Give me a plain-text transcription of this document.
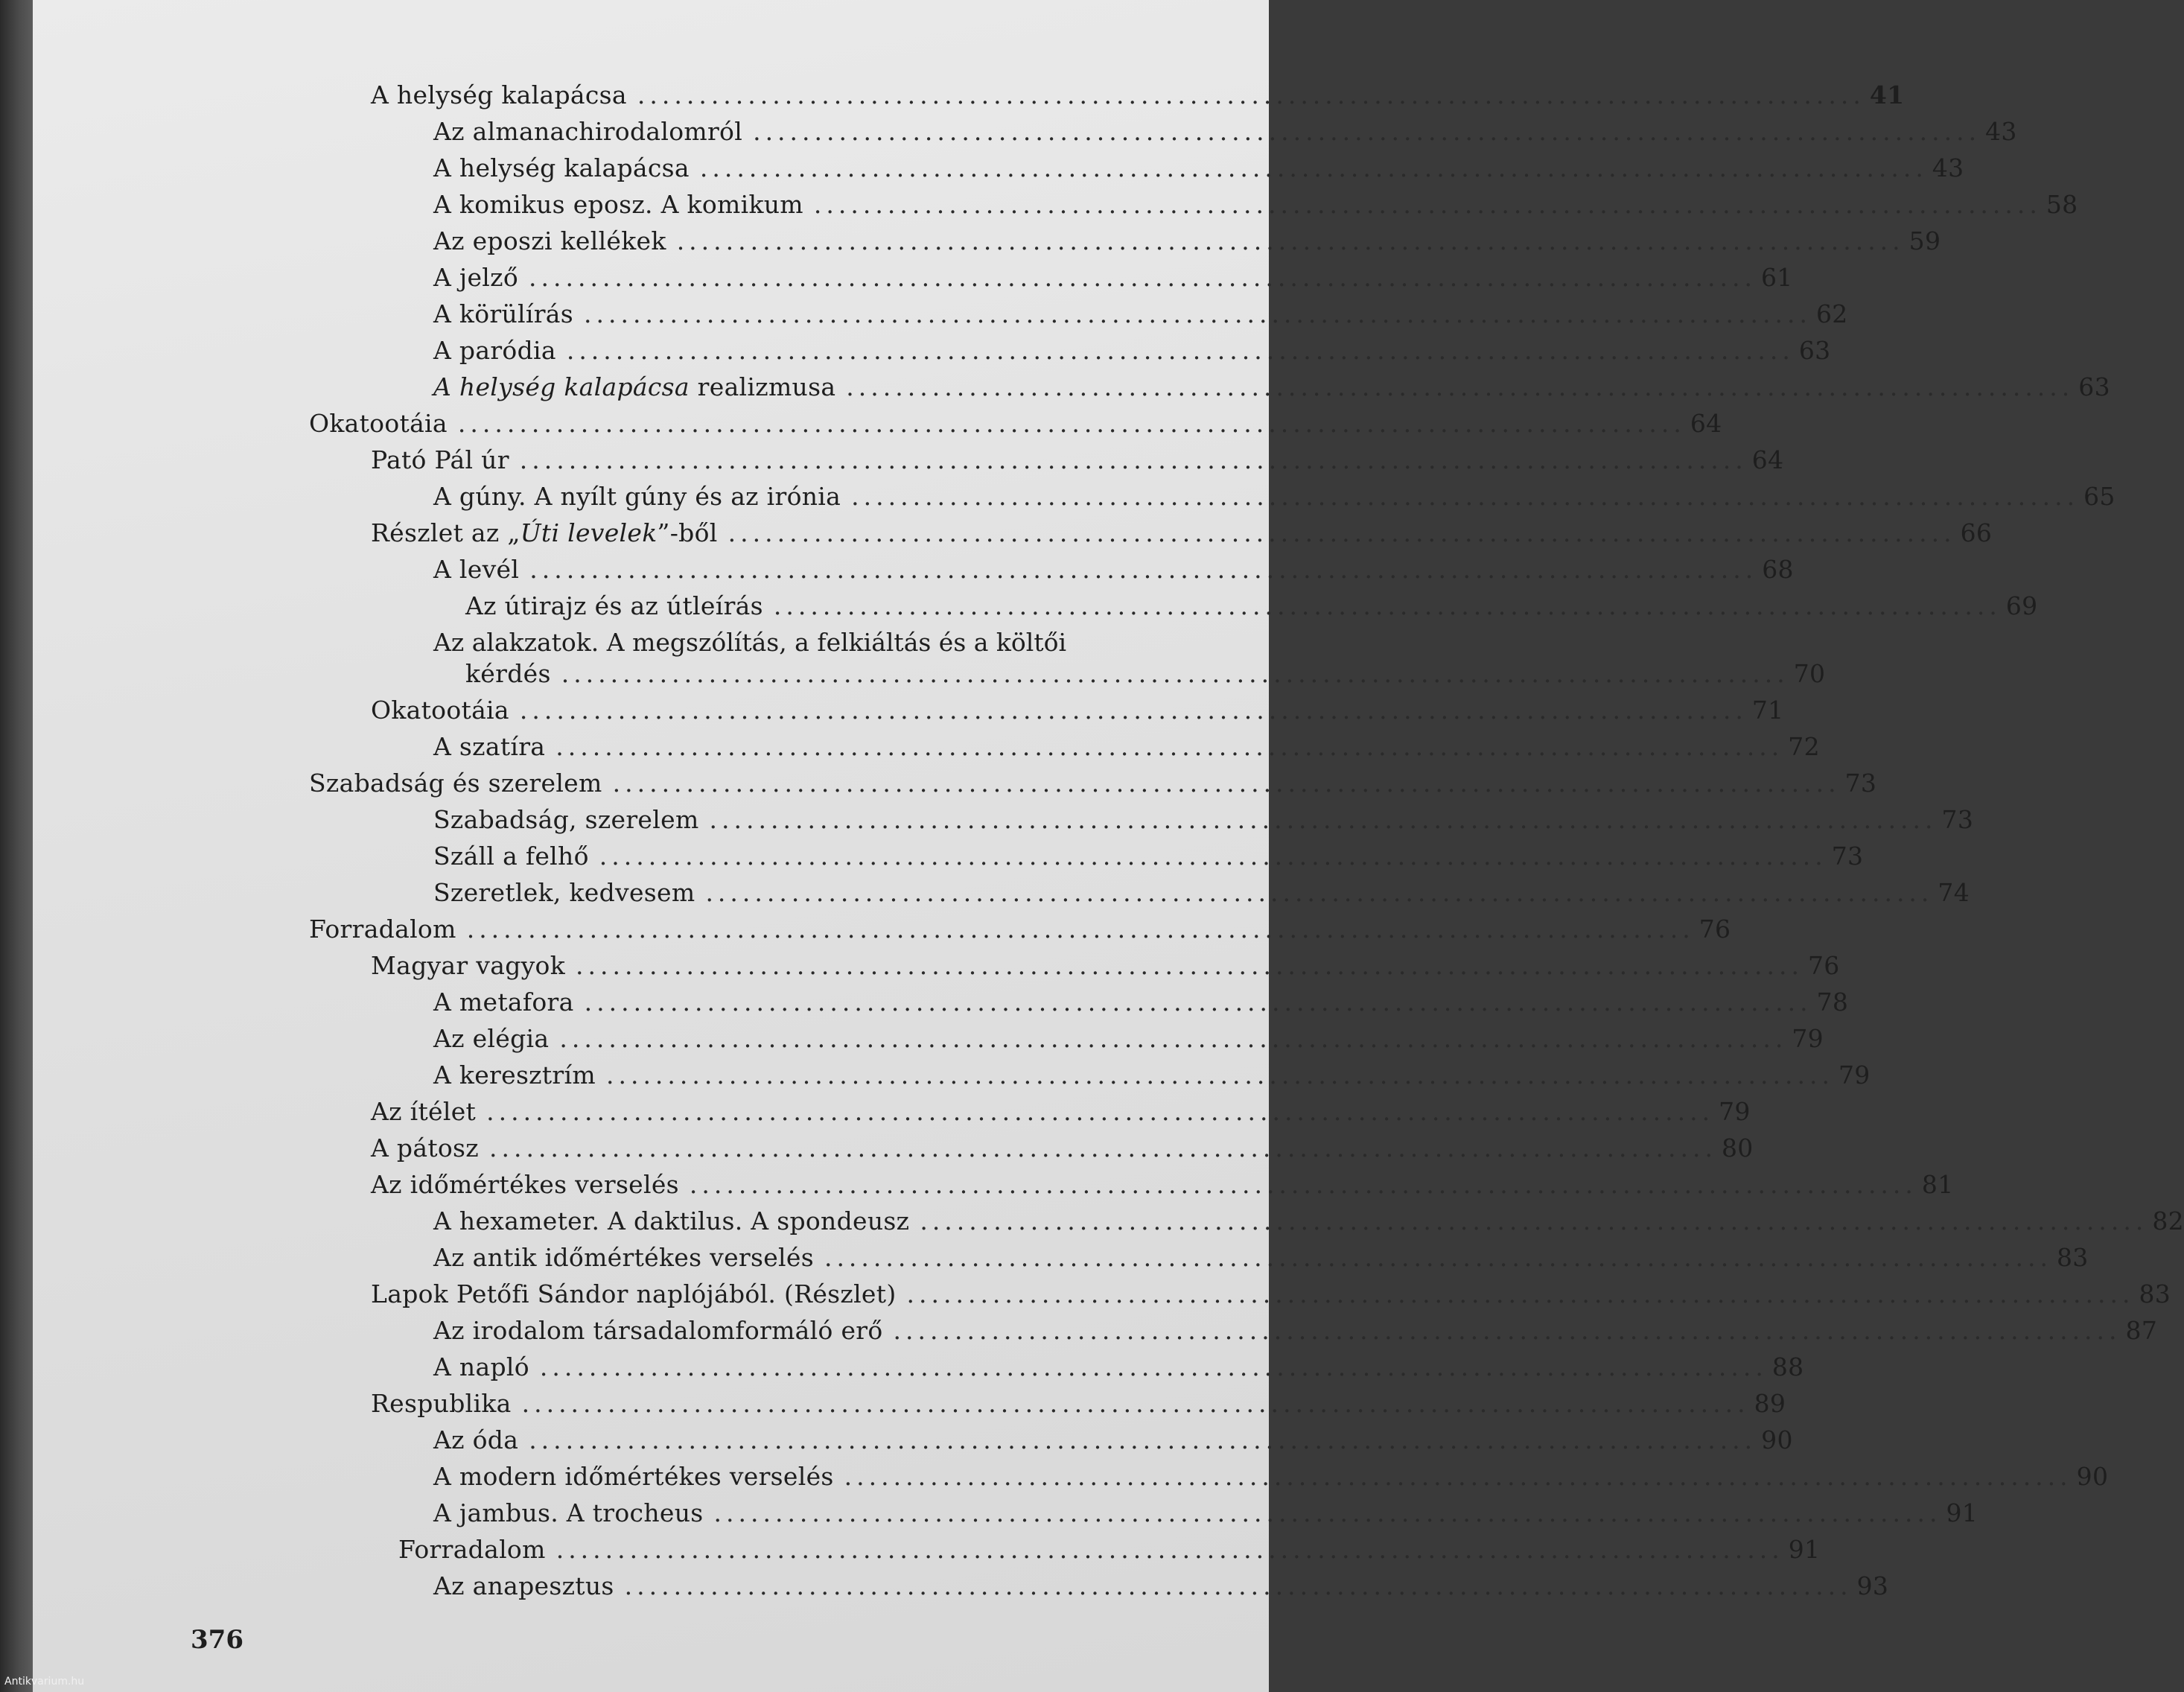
A helység kalapácsa .................................................................................................... 41
Az almanachirodalomról .................................................................................................... 43
A helység kalapácsa .................................................................................................... 43
A komikus eposz. A komikum .................................................................................................... 58
Az eposzi kellékek .................................................................................................... 59
A jelző .................................................................................................... 61
A körülírás .................................................................................................... 62
A paródia .................................................................................................... 63
A helység kalapácsa realizmusa .................................................................................................... 63
Okatootáia .................................................................................................... 64
Pató Pál úr .................................................................................................... 64
A gúny. A nyílt gúny és az irónia .................................................................................................... 65
Részlet az „Úti levelek”-ből .................................................................................................... 66
A levél .................................................................................................... 68
Az útirajz és az útleírás .................................................................................................... 69
Az alakzatok. A megszólítás, a felkiáltás és a költői
kérdés .................................................................................................... 70
Okatootáia .................................................................................................... 71
A szatíra .................................................................................................... 72
Szabadság és szerelem .................................................................................................... 73
Szabadság, szerelem .................................................................................................... 73
Száll a felhő .................................................................................................... 73
Szeretlek, kedvesem .................................................................................................... 74
Forradalom .................................................................................................... 76
Magyar vagyok .................................................................................................... 76
A metafora .................................................................................................... 78
Az elégia .................................................................................................... 79
A keresztrím .................................................................................................... 79
Az ítélet .................................................................................................... 79
A pátosz .................................................................................................... 80
Az időmértékes verselés .................................................................................................... 81
A hexameter. A daktilus. A spondeusz .................................................................................................... 82
Az antik időmértékes verselés .................................................................................................... 83
Lapok Petőfi Sándor naplójából. (Részlet) .................................................................................................... 83
Az irodalom társadalomformáló erő .................................................................................................... 87
A napló .................................................................................................... 88
Respublika .................................................................................................... 89
Az óda .................................................................................................... 90
A modern időmértékes verselés .................................................................................................... 90
A jambus. A trocheus .................................................................................................... 91
Forradalom .................................................................................................... 91
Az anapesztus .................................................................................................... 93
376
Antikvarium.hu
